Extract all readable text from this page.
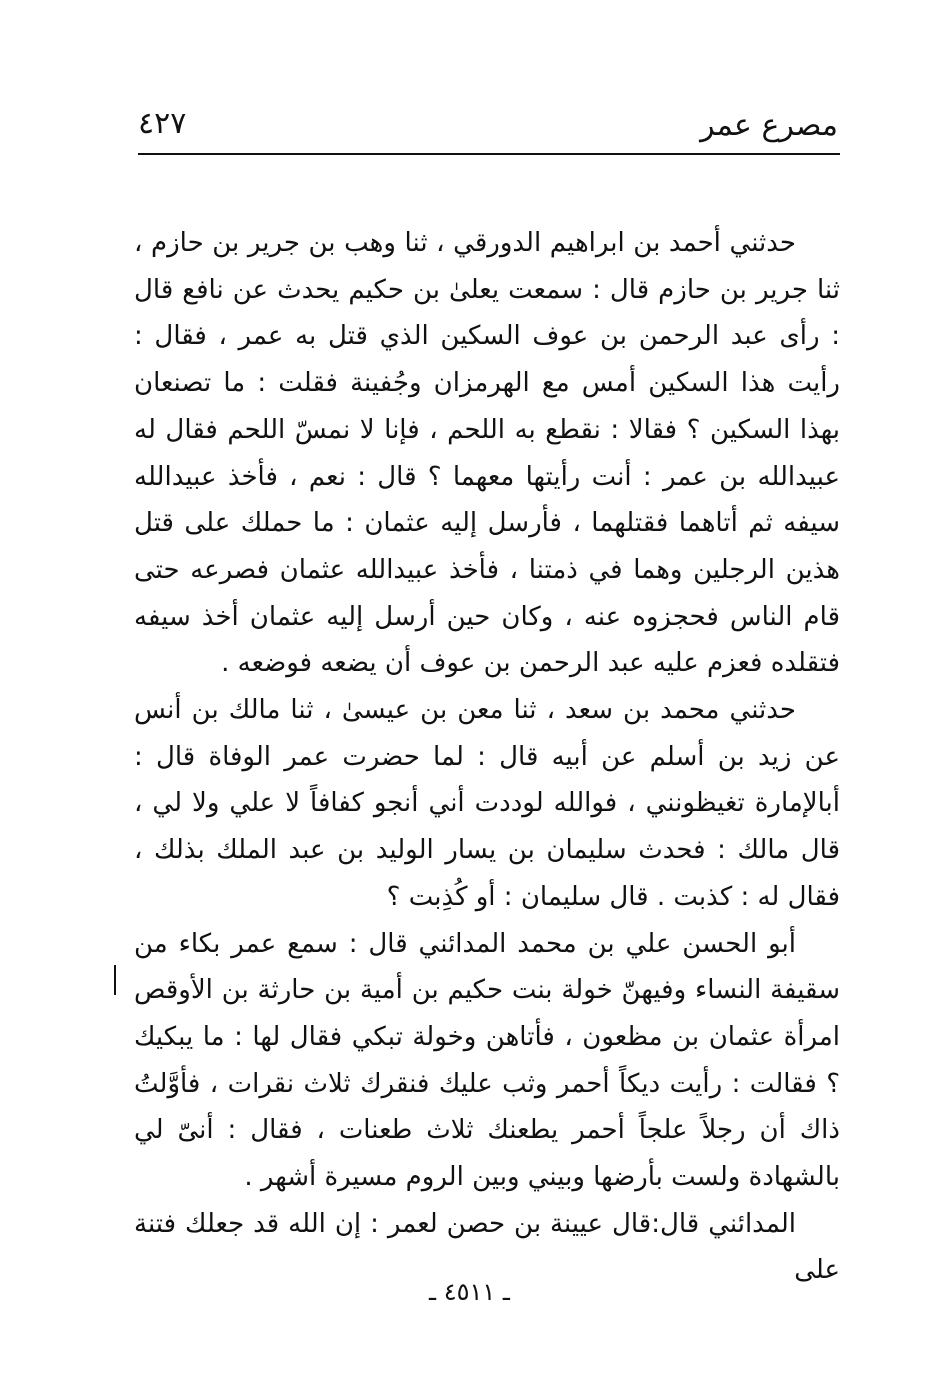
مصرع عمر
٤٢٧

حدثني أحمد بن ابراهيم الدورقي ، ثنا وهب بن جرير بن حازم ، ثنا جرير بن حازم قال : سمعت يعلىٰ بن حكيم يحدث عن نافع قال : رأى عبد الرحمن بن عوف السكين الذي قتل به عمر ، فقال : رأيت هذا السكين أمس مع الهرمزان وجُفينة فقلت : ما تصنعان بهذا السكين ؟ فقالا : نقطع به اللحم ، فإنا لا نمسّ اللحم فقال له عبيدالله بن عمر : أنت رأيتها معهما ؟ قال : نعم ، فأخذ عبيدالله سيفه ثم أتاهما فقتلهما ، فأرسل إليه عثمان : ما حملك على قتل هذين الرجلين وهما في ذمتنا ، فأخذ عبيدالله عثمان فصرعه حتى قام الناس فحجزوه عنه ، وكان حين أرسل إليه عثمان أخذ سيفه فتقلده فعزم عليه عبد الرحمن بن عوف أن يضعه فوضعه .

حدثني محمد بن سعد ، ثنا معن بن عيسىٰ ، ثنا مالك بن أنس عن زيد بن أسلم عن أبيه قال : لما حضرت عمر الوفاة قال : أبالإمارة تغيظونني ، فوالله لوددت أني أنجو كفافاً لا علي ولا لي ، قال مالك : فحدث سليمان بن يسار الوليد بن عبد الملك بذلك ، فقال له : كذبت . قال سليمان : أو كُذِبت ؟

أبو الحسن علي بن محمد المدائني قال : سمع عمر بكاء من سقيفة النساء وفيهنّ خولة بنت حكيم بن أمية بن حارثة بن الأوقص امرأة عثمان بن مظعون ، فأتاهن وخولة تبكي فقال لها : ما يبكيك ؟ فقالت : رأيت ديكاً أحمر وثب عليك فنقرك ثلاث نقرات ، فأوَّلتُ ذاك أن رجلاً علجاً أحمر يطعنك ثلاث طعنات ، فقال : أنىّ لي بالشهادة ولست بأرضها وبيني وبين الروم مسيرة أشهر .

المدائني قال:قال عيينة بن حصن لعمر : إن الله قد جعلك فتنة على

ـ ٤٥١١ ـ
